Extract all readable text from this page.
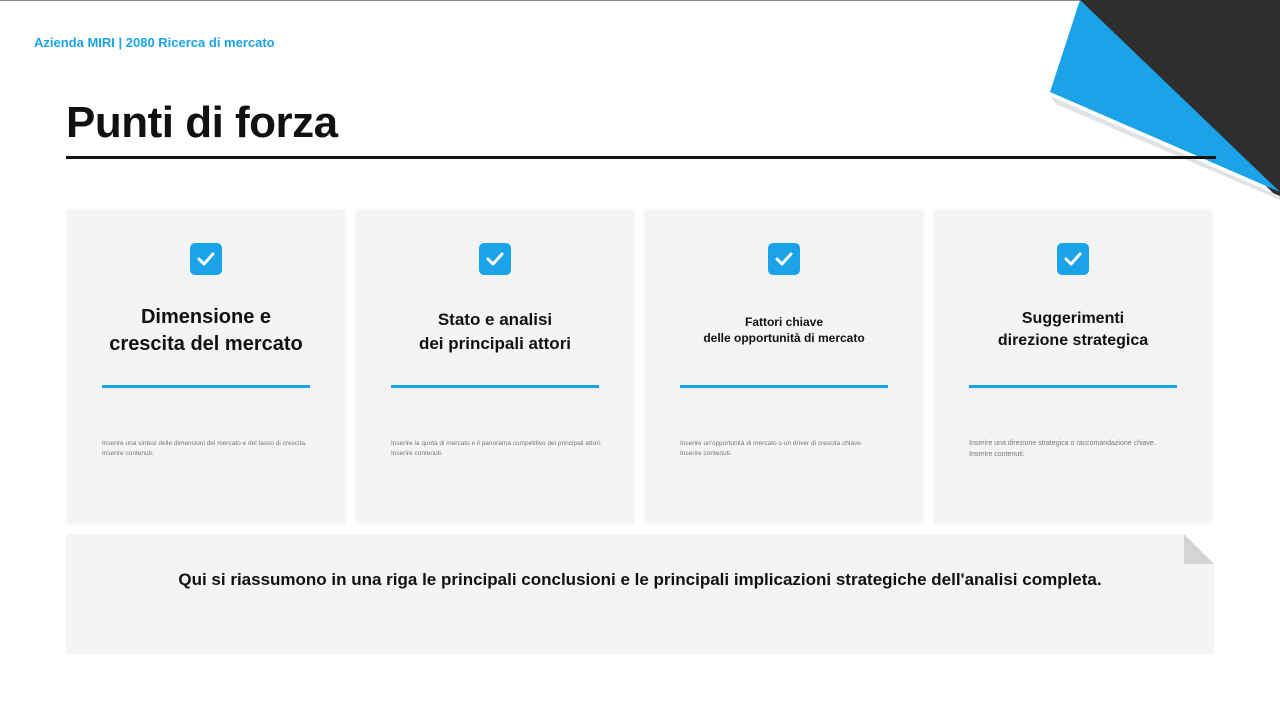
Azienda MIRI | 2080 Ricerca di mercato
Punti di forza
Dimensione e
crescita del mercato
Inserire una sintesi delle dimensioni del mercato e del tasso di crescita.
Inserire contenuti.
Stato e analisi
dei principali attori
Inserire la quota di mercato e il panorama competitivo dei principali attori.
Inserire contenuti.
Fattori chiave
delle opportunità di mercato
Inserire un'opportunità di mercato o un driver di crescita chiave.
Inserire contenuti.
Suggerimenti
direzione strategica
Inserire una direzione strategica o raccomandazione chiave.
Inserire contenuti.
Qui si riassumono in una riga le principali conclusioni e le principali implicazioni strategiche dell'analisi completa.
